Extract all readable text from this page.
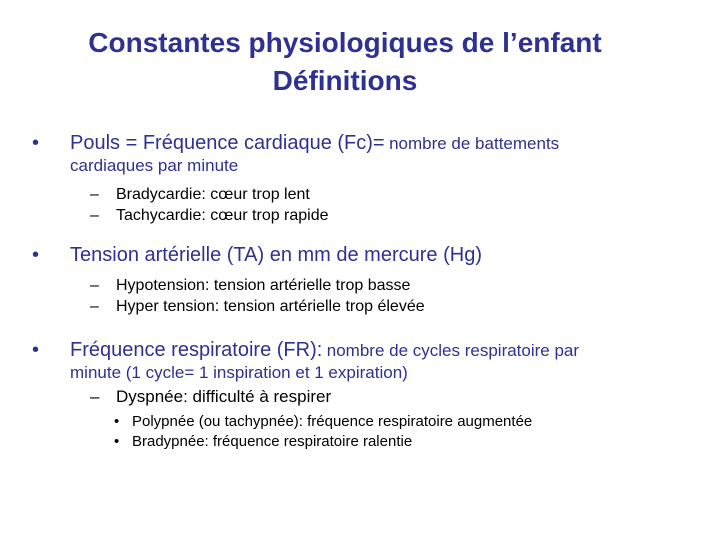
Constantes physiologiques de l’enfant
Définitions
•	Pouls = Fréquence cardiaque (Fc)= nombre de battements
cardiaques par minute
–	Bradycardie: cœur trop lent
–	Tachycardie: cœur trop rapide
•	Tension artérielle (TA) en mm de mercure (Hg)
–	Hypotension: tension artérielle trop basse
–	Hyper tension: tension artérielle trop élevée
•	Fréquence respiratoire (FR): nombre de cycles respiratoire par
minute (1 cycle= 1 inspiration et 1 expiration)
– Dyspnée: difficulté à respirer
• Polypnée (ou tachypnée): fréquence respiratoire augmentée
• Bradypnée: fréquence respiratoire ralentie
